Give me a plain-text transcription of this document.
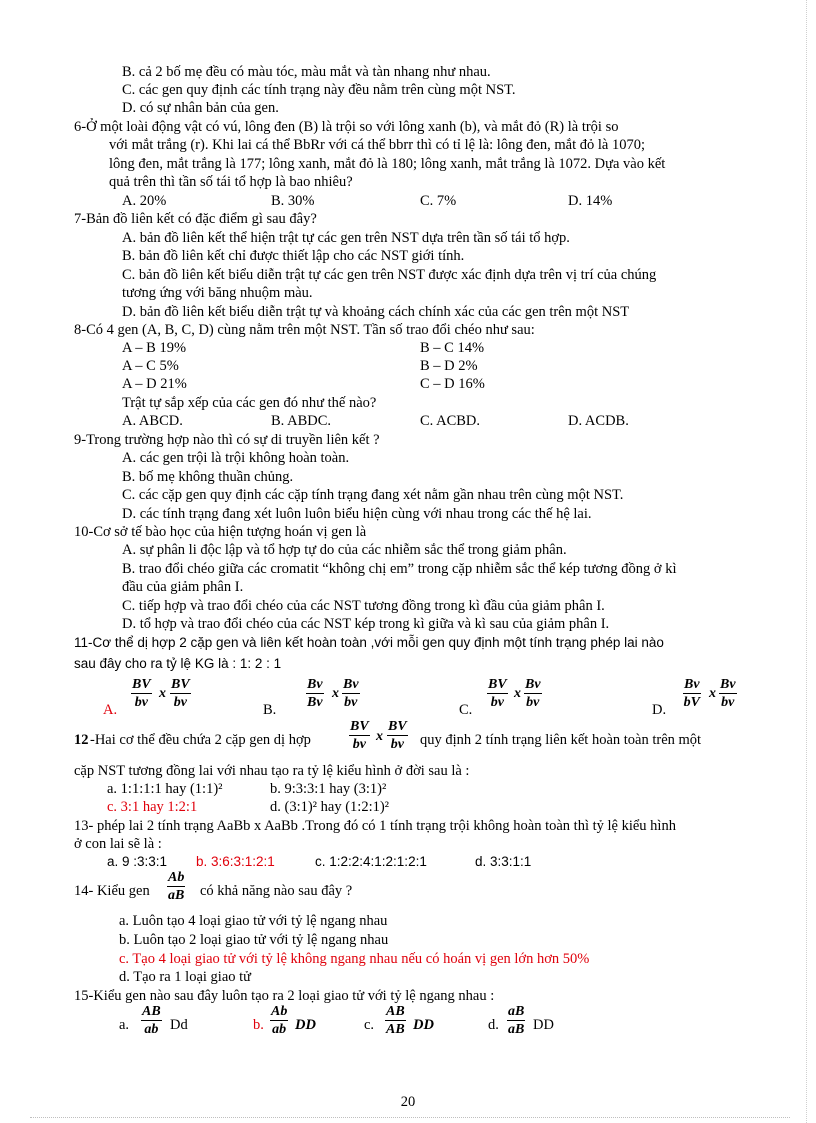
B. cả 2 bố mẹ đều có màu tóc, màu mắt và tàn nhang như nhau.
C. các gen quy định các tính trạng này đều nằm trên cùng một NST.
D. có sự nhân bản của gen.
6-Ở một loài động vật có vú, lông đen (B) là trội so với lông xanh (b), và mắt đỏ (R) là trội so
với mắt trắng (r). Khi lai cá thể BbRr với cá thể bbrr thì có tỉ lệ là: lông đen, mắt đỏ là 1070;
lông đen, mắt trắng là 177; lông xanh, mắt đỏ là 180; lông xanh, mắt trắng là 1072. Dựa vào kết
quả trên thì tần số tái tổ hợp là bao nhiêu?
A. 20%	B. 30%	C. 7%	D. 14%
7-Bản đồ liên kết có đặc điểm gì sau đây?
A. bản đồ liên kết thể hiện trật tự các gen trên NST dựa trên tần số tái tổ hợp.
B. bản đồ liên kết chỉ được thiết lập cho các NST giới tính.
C. bản đồ liên kết biểu diễn trật tự các gen trên NST được xác định dựa trên vị trí của chúng
tương ứng với băng nhuộm màu.
D. bản đồ liên kết biểu diễn trật tự và khoảng cách chính xác của các gen trên một NST
8-Có 4 gen (A, B, C, D) cùng nằm trên một NST. Tần số trao đổi chéo như sau:
A – B 19%	B – C 14%
A – C 5%	B – D 2%
A – D 21%	C – D 16%
Trật tự sắp xếp của các gen đó như thế nào?
A. ABCD.	B. ABDC.	C. ACBD.	D. ACDB.
9-Trong trường hợp nào thì có sự di truyền liên kết ?
A. các gen trội là trội không hoàn toàn.
B. bố mẹ không thuần chủng.
C. các cặp gen quy định các cặp tính trạng đang xét nằm gần nhau trên cùng một NST.
D. các tính trạng đang xét luôn luôn biểu hiện cùng với nhau trong các thế hệ lai.
10-Cơ sở tế bào học của hiện tượng hoán vị gen là
A. sự phân li độc lập và tổ hợp tự do của các nhiễm sắc thể trong giảm phân.
B. trao đổi chéo giữa các cromatit “không chị em” trong cặp nhiễm sắc thể kép tương đồng ở kì
đầu của giảm phân I.
C. tiếp hợp và trao đổi chéo của các NST tương đồng trong kì đầu của giảm phân I.
D. tổ hợp và trao đổi chéo của các NST kép trong kì giữa và kì sau của giảm phân I.
11-Cơ thể dị hợp 2 cặp gen và liên kết hoàn toàn ,với mỗi gen quy định một tính trạng phép lai nào
sau đây cho ra tỷ lệ KG là : 1: 2 : 1
A. $\frac{BV}{bv}$ x $\frac{BV}{bv}$	B. $\frac{Bv}{Bv}$ x $\frac{Bv}{bv}$	C. $\frac{BV}{bv}$ x $\frac{Bv}{bv}$	D. $\frac{Bv}{bV}$ x $\frac{Bv}{bv}$
12 -Hai cơ thể đều chứa 2 cặp gen dị hợp	$\frac{BV}{bv}$ x $\frac{BV}{bv}$ quy định 2 tính trạng liên kết hoàn toàn trên một
cặp NST tương đồng lai với nhau tạo ra tỷ lệ kiểu hình ở đời sau là :
a. 1:1:1:1 hay (1:1)²	b. 9:3:3:1 hay (3:1)²
c. 3:1 hay 1:2:1	d. (3:1)² hay (1:2:1)²
13- phép lai 2 tính trạng AaBb x AaBb .Trong đó có 1 tính trạng trội không hoàn toàn thì tỷ lệ kiểu hình
ở con lai sẽ là :
a. 9 :3:3:1 b. 3:6:3:1:2:1	c. 1:2:2:4:1:2:1:2:1	d. 3:3:1:1
14- Kiểu gen $\frac{Ab}{aB}$ có khả năng nào sau đây ?
a. Luôn tạo 4 loại giao tử với tỷ lệ ngang nhau
b. Luôn tạo 2 loại giao tử với tỷ lệ ngang nhau
c. Tạo 4 loại giao tử với tỷ lệ không ngang nhau nếu có hoán vị gen lớn hơn 50%
d. Tạo ra 1 loại giao tử
15-Kiểu gen nào sau đây luôn tạo ra 2 loại giao tử với tỷ lệ ngang nhau :
a. $\frac{AB}{ab}$ Dd	b. $\frac{Ab}{ab}$ DD	c. $\frac{AB}{AB}$ DD	d. $\frac{aB}{aB}$ DD
20
